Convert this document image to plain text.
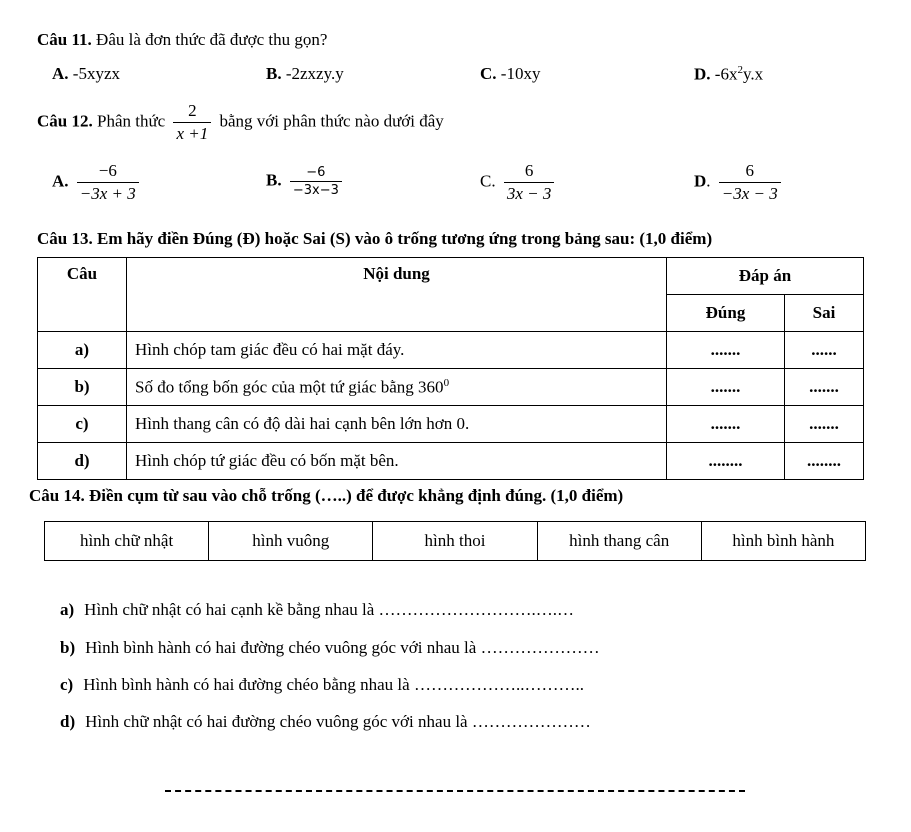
Câu 11. Đâu là đơn thức đã được thu gọn?
A. -5xyzx	B. -2zxzy.y	C. -10xy	D. $-6x^2y.x$
Câu 12. Phân thức $\frac{2}{x +1}$ bằng với phân thức nào dưới đây
A. $\frac{-6}{-3x + 3}$	B. $\frac{-6}{-3x-3}$	C. $\frac{6}{3x - 3}$	D. $\frac{6}{-3x - 3}$
Câu 13. Em hãy điền Đúng (Đ) hoặc Sai (S) vào ô trống tương ứng trong bảng sau: (1,0 điểm)
Câu	Nội dung	Đáp án	
		Đúng	Sai
a)	Hình chóp tam giác đều có hai mặt đáy.	.......	......
b)	Số đo tổng bốn góc của một tứ giác bằng $360^0$	.......	.......
c)	Hình thang cân có độ dài hai cạnh bên lớn hơn 0.	.......	.......
d)	Hình chóp tứ giác đều có bốn mặt bên.	........	........
Câu 14. Điền cụm từ sau vào chỗ trống (…..) để được khẳng định đúng. (1,0 điểm)
hình chữ nhật	hình vuông	hình thoi	hình thang cân	hình bình hành
a) Hình chữ nhật có hai cạnh kề bằng nhau là ……………………….….…
b) Hình bình hành có hai đường chéo vuông góc với nhau là …………………
c) Hình bình hành có hai đường chéo bằng nhau là ………………..………..
d) Hình chữ nhật có hai đường chéo vuông góc với nhau là …………………
